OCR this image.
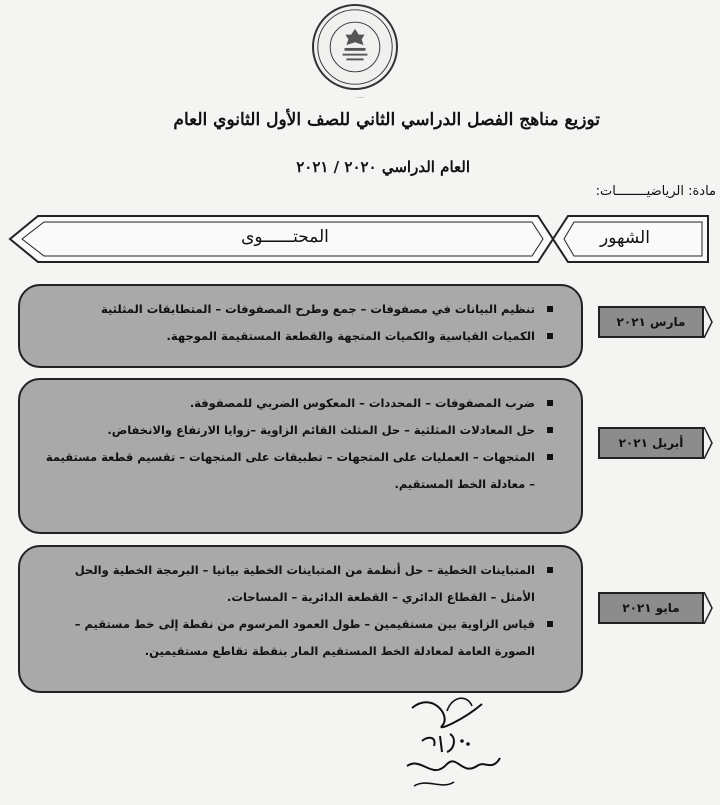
·····
توزيع مناهج الفصل الدراسي الثاني للصف الأول الثانوي العام
العام الدراسي ٢٠٢٠ / ٢٠٢١
مادة: الرياضيــــــــات:
الشهور
المحتــــــوى
تنظيم البيانات في مصفوفات – جمع وطرح المصفوفات – المتطابقات المثلثية
الكميات القياسية والكميات المتجهة والقطعة المستقيمة الموجهة.
مارس ٢٠٢١
ضرب المصفوفات – المحددات – المعكوس الضربي للمصفوفة.
حل المعادلات المثلثية – حل المثلث القائم الزاوية –زوايا الارتفاع والانخفاض.
المتجهات – العمليات على المتجهات – تطبيقات على المتجهات – تقسيم قطعة مستقيمة – معادلة الخط المستقيم.
أبريل ٢٠٢١
المتباينات الخطية – حل أنظمة من المتباينات الخطية بيانيا – البرمجة الخطية والحل الأمثل – القطاع الدائري – القطعة الدائرية – المساحات.
قياس الزاوية بين مستقيمين – طول العمود المرسوم من نقطة إلى خط مستقيم – الصورة العامة لمعادلة الخط المستقيم المار بنقطة تقاطع مستقيمين.
مايو ٢٠٢١
